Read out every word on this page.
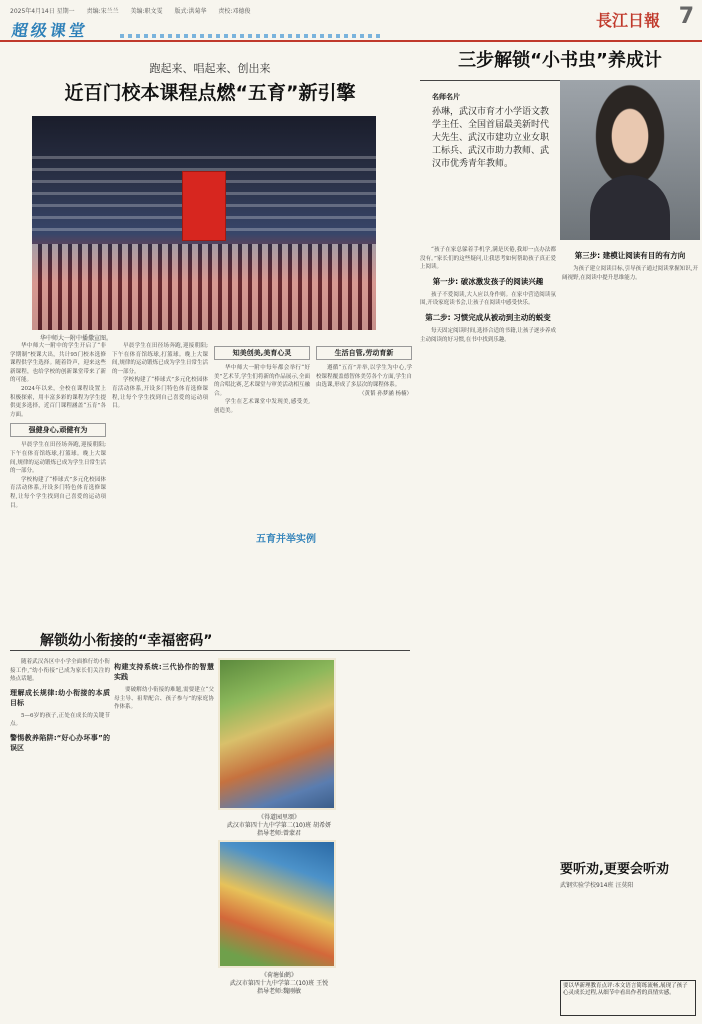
2025年4月14日 星期一 责编:宋兰兰 美编:职文雯 版式:洪菊华 责校:邓德俊
超级课堂
長江日報 7
跑起来、唱起来、创出来
近百门校本课程点燃“五育”新引擎
华中师大一附中播撒宣图。

华中师大一附中的学生开启了“非学期制”校课大出，共计95门校本选修课程供学生选择。随着铃声，迎来这些新课程，也给学校的创新课堂带来了新的可能。

2024年以来，全校在课程设置上积极探索，用丰富多彩的课程为学生提供更多选择，近百门课程涵盖“五育”各方面。

强健身心,顽健有为

早晨学生在田径场奔跑,迎接朝阳;下午在体育馆练球,打篮球。晚上大课间,规律的运动锻炼已成为学生日常生活的一部分。

学校构建了“棒球式”多元化校园体育活动体系,开设多门特色体育选修课程,让每个学生找到自己喜爱的运动项目。

早晨学生在田径场奔跑,迎接朝阳;下午在体育馆练球,打篮球。晚上大课间,规律的运动锻炼已成为学生日常生活的一部分。

学校构建了“棒球式”多元化校园体育活动体系,开设多门特色体育选修课程,让每个学生找到自己喜爱的运动项目。

知美创美,美育心灵

华中师大一附中每年都会举行“好美”艺术节,学生们将新的作品展示,全面的合唱比赛,艺术课堂与审美活动相互融合。

学生在艺术课堂中发现美,感受美,创造美。

生活自管,劳动育新

遵循“五育”并举,以学生为中心,学校课程覆盖德智体美劳各个方面,学生自由选课,形成了多层次的课程体系。

（黄韬 孙梦涵 杨楠）

五育并举实例
三步解锁“小书虫”养成计
名师名片
孙琳，武汉市育才小学语文教学主任、全国首届最美新时代大先生、武汉市建功立业女职工标兵、武汉市助力教师、武汉市优秀青年教师。

“孩子在家总躲着手机学,满是厌倦,我却一点办法都没有。”家长们的这些疑问,让我思考如何帮助孩子真正爱上阅读。

第一步: 破冰激发孩子的阅读兴趣

孩子不爱阅读,大人应以身作则。在家中营造阅读氛围,开设家庭读书会,让孩子在阅读中感受快乐。

第二步: 习惯完成从被动到主动的蜕变

每天固定阅读时间,选择合适的书籍,让孩子逐步养成主动阅读的好习惯,在书中找到乐趣。

第三步: 建模让阅读有目的有方向

为孩子建立阅读目标,引导孩子通过阅读掌握知识,开阔视野,在阅读中提升思维能力。

解锁幼小衔接的“幸福密码”

随着武汉各区中小学全面推行幼小衔接工作,“幼小衔接”已成为家长们关注的热点话题。

理解成长规律:幼小衔接的本质目标

5—6岁的孩子,正处在成长的关键节点。

警惕教养陷阱:“好心办坏事”的误区
构建支持系统:三代协作的智慧实践

要破解幼小衔接的难题,需要建立“父母主导、祖辈配合、孩子参与”的家庭协作体系。

《得道园里颂》
武汉市第四十九中学第二(10)班 胡希妍
指导老师:曾蒙君
《荷塘仙鹤》
武汉市第四十九中学第二(10)班 王悦
指导老师:魏刚敏
要听劝,更要会听劝
武钢实验学校914班 汪莫阳
要以华新理教育点评:本文语言简练流畅,展现了孩子心灵成长过程,从细节中看出作者的真情实感。
